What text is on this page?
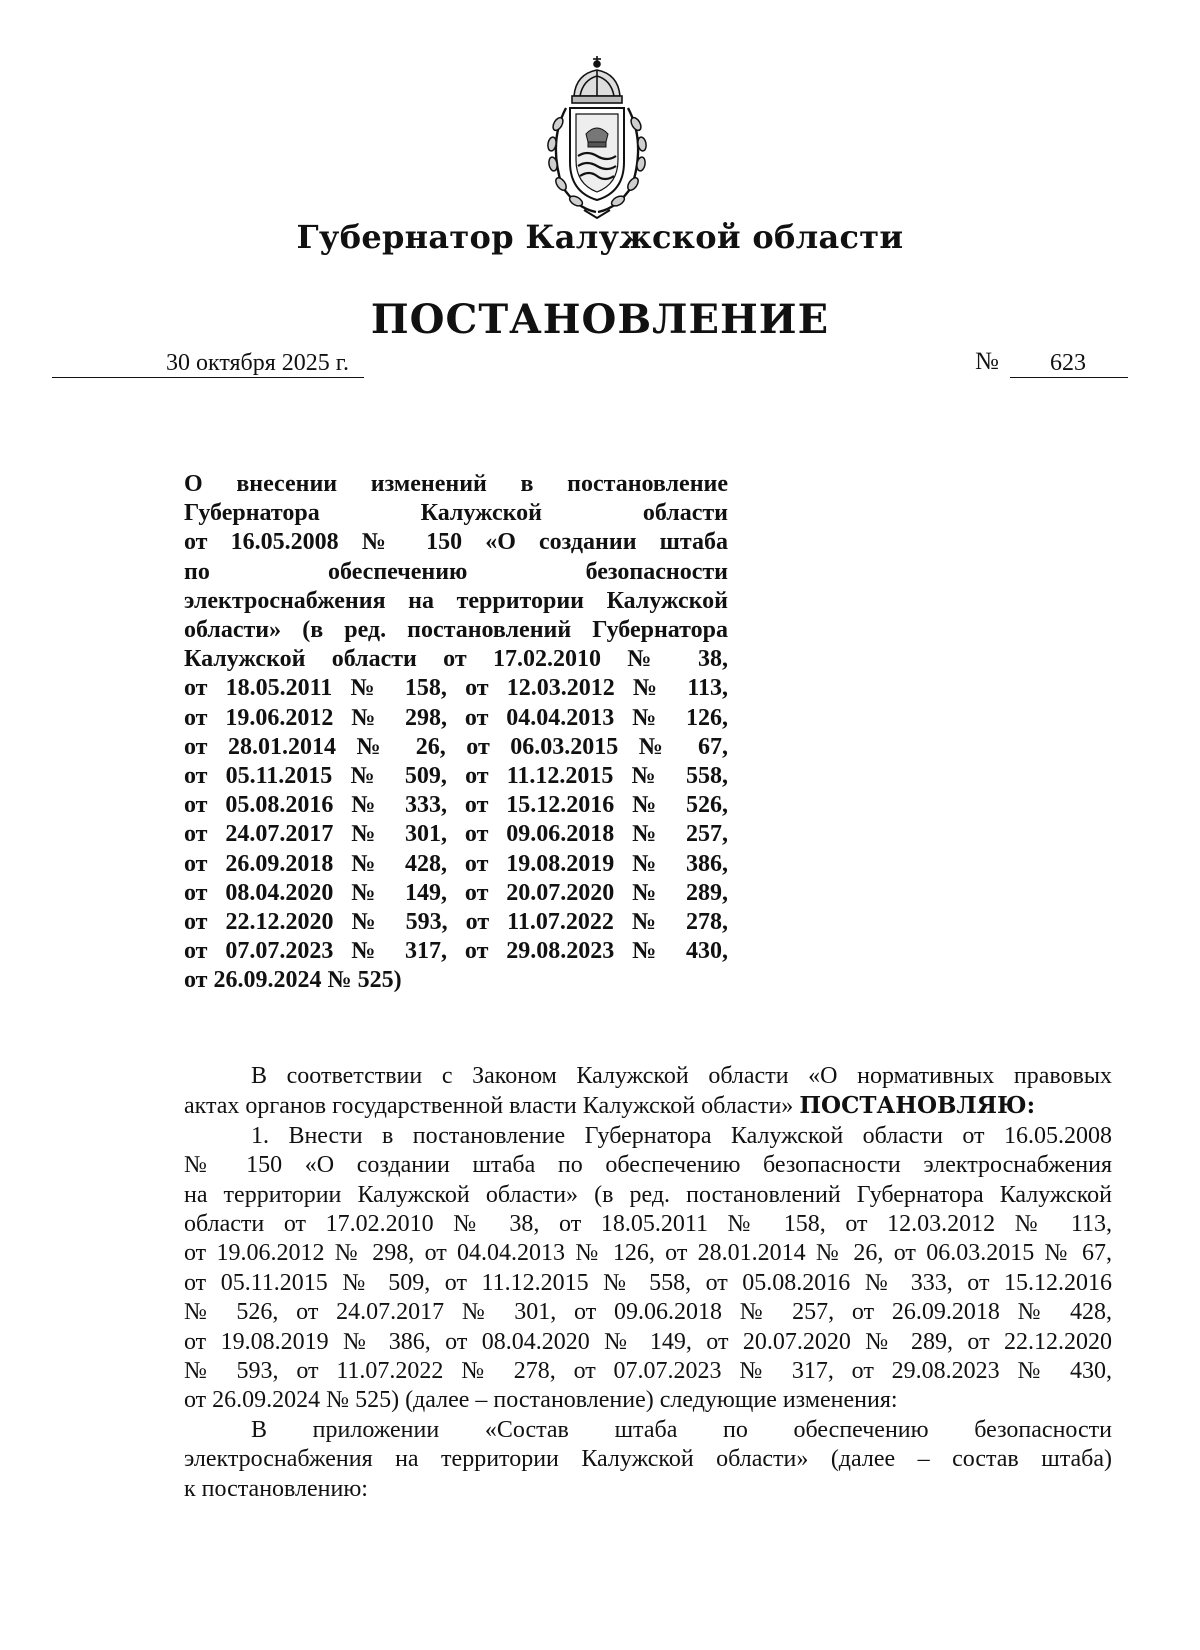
Губернатор Калужской области
ПОСТАНОВЛЕНИЕ
30 октября 2025 г.	№ 623
О внесении изменений в постановление
Губернатора Калужской области
от 16.05.2008 № 150 «О создании штаба
по обеспечению безопасности
электроснабжения на территории Калужской
области» (в ред. постановлений Губернатора
Калужской области от 17.02.2010 № 38,
от 18.05.2011 № 158, от 12.03.2012 № 113,
от 19.06.2012 № 298, от 04.04.2013 № 126,
от 28.01.2014 № 26, от 06.03.2015 № 67,
от 05.11.2015 № 509, от 11.12.2015 № 558,
от 05.08.2016 № 333, от 15.12.2016 № 526,
от 24.07.2017 № 301, от 09.06.2018 № 257,
от 26.09.2018 № 428, от 19.08.2019 № 386,
от 08.04.2020 № 149, от 20.07.2020 № 289,
от 22.12.2020 № 593, от 11.07.2022 № 278,
от 07.07.2023 № 317, от 29.08.2023 № 430,
от 26.09.2024 № 525)
В соответствии с Законом Калужской области «О нормативных правовых
актах органов государственной власти Калужской области» ПОСТАНОВЛЯЮ:
1. Внести в постановление Губернатора Калужской области от 16.05.2008
№ 150 «О создании штаба по обеспечению безопасности электроснабжения
на территории Калужской области» (в ред. постановлений Губернатора Калужской
области от 17.02.2010 № 38, от 18.05.2011 № 158, от 12.03.2012 № 113,
от 19.06.2012 № 298, от 04.04.2013 № 126, от 28.01.2014 № 26, от 06.03.2015 № 67,
от 05.11.2015 № 509, от 11.12.2015 № 558, от 05.08.2016 № 333, от 15.12.2016
№ 526, от 24.07.2017 № 301, от 09.06.2018 № 257, от 26.09.2018 № 428,
от 19.08.2019 № 386, от 08.04.2020 № 149, от 20.07.2020 № 289, от 22.12.2020
№ 593, от 11.07.2022 № 278, от 07.07.2023 № 317, от 29.08.2023 № 430,
от 26.09.2024 № 525) (далее – постановление) следующие изменения:
В приложении «Состав штаба по обеспечению безопасности
электроснабжения на территории Калужской области» (далее – состав штаба)
к постановлению:
